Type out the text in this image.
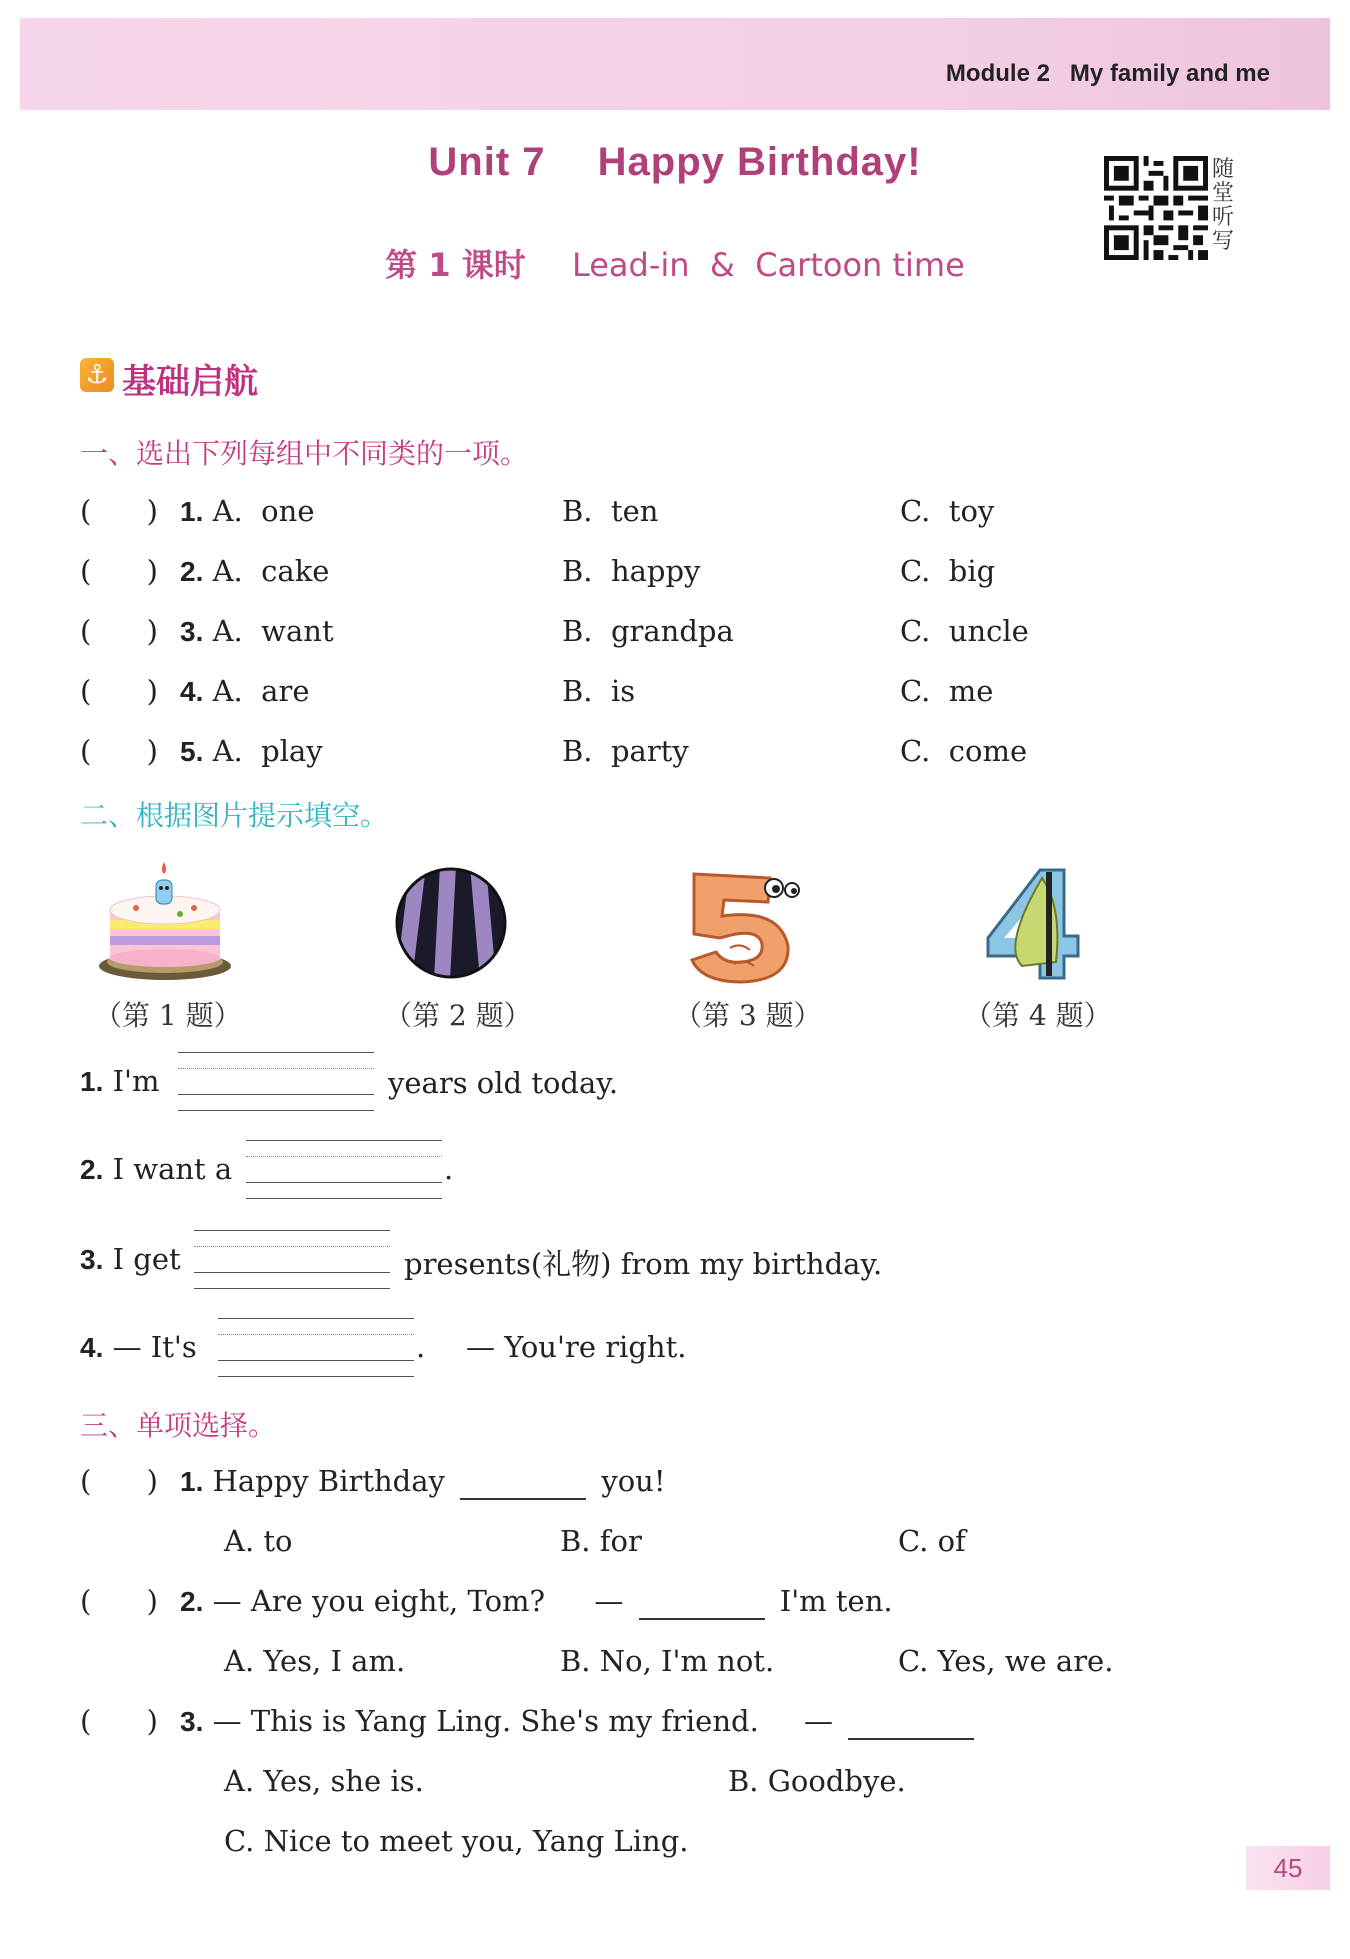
Module 2   My family and me
Unit 7 Happy Birthday!
第 1 课时 Lead-in  &  Cartoon time
随堂听写
⚓ 基础启航
一、选出下列每组中不同类的一项。
(      ) 1. A.  one	B.  ten	C.  toy
(      ) 2. A.  cake	B.  happy	C.  big
(      ) 3. A.  want	B.  grandpa	C.  uncle
(      ) 4. A.  are	B.  is	C.  me
(      ) 5. A.  play	B.  party	C.  come
二、根据图片提示填空。
（第 1 题）	（第 2 题）	（第 3 题）	（第 4 题）
1. I'm	years old today.
2. I want a	.
3. I get	presents(礼物) from my birthday.
4. — It's	. — You're right.
三、单项选择。
(      ) 1. Happy Birthday	you!
A. to	B. for	C. of
(      ) 2. — Are you eight, Tom? —	I'm ten.
A. Yes, I am.	B. No, I'm not.	C. Yes, we are.
(      ) 3. — This is Yang Ling. She's my friend. —
A. Yes, she is.	B. Goodbye.
C. Nice to meet you, Yang Ling.
45
